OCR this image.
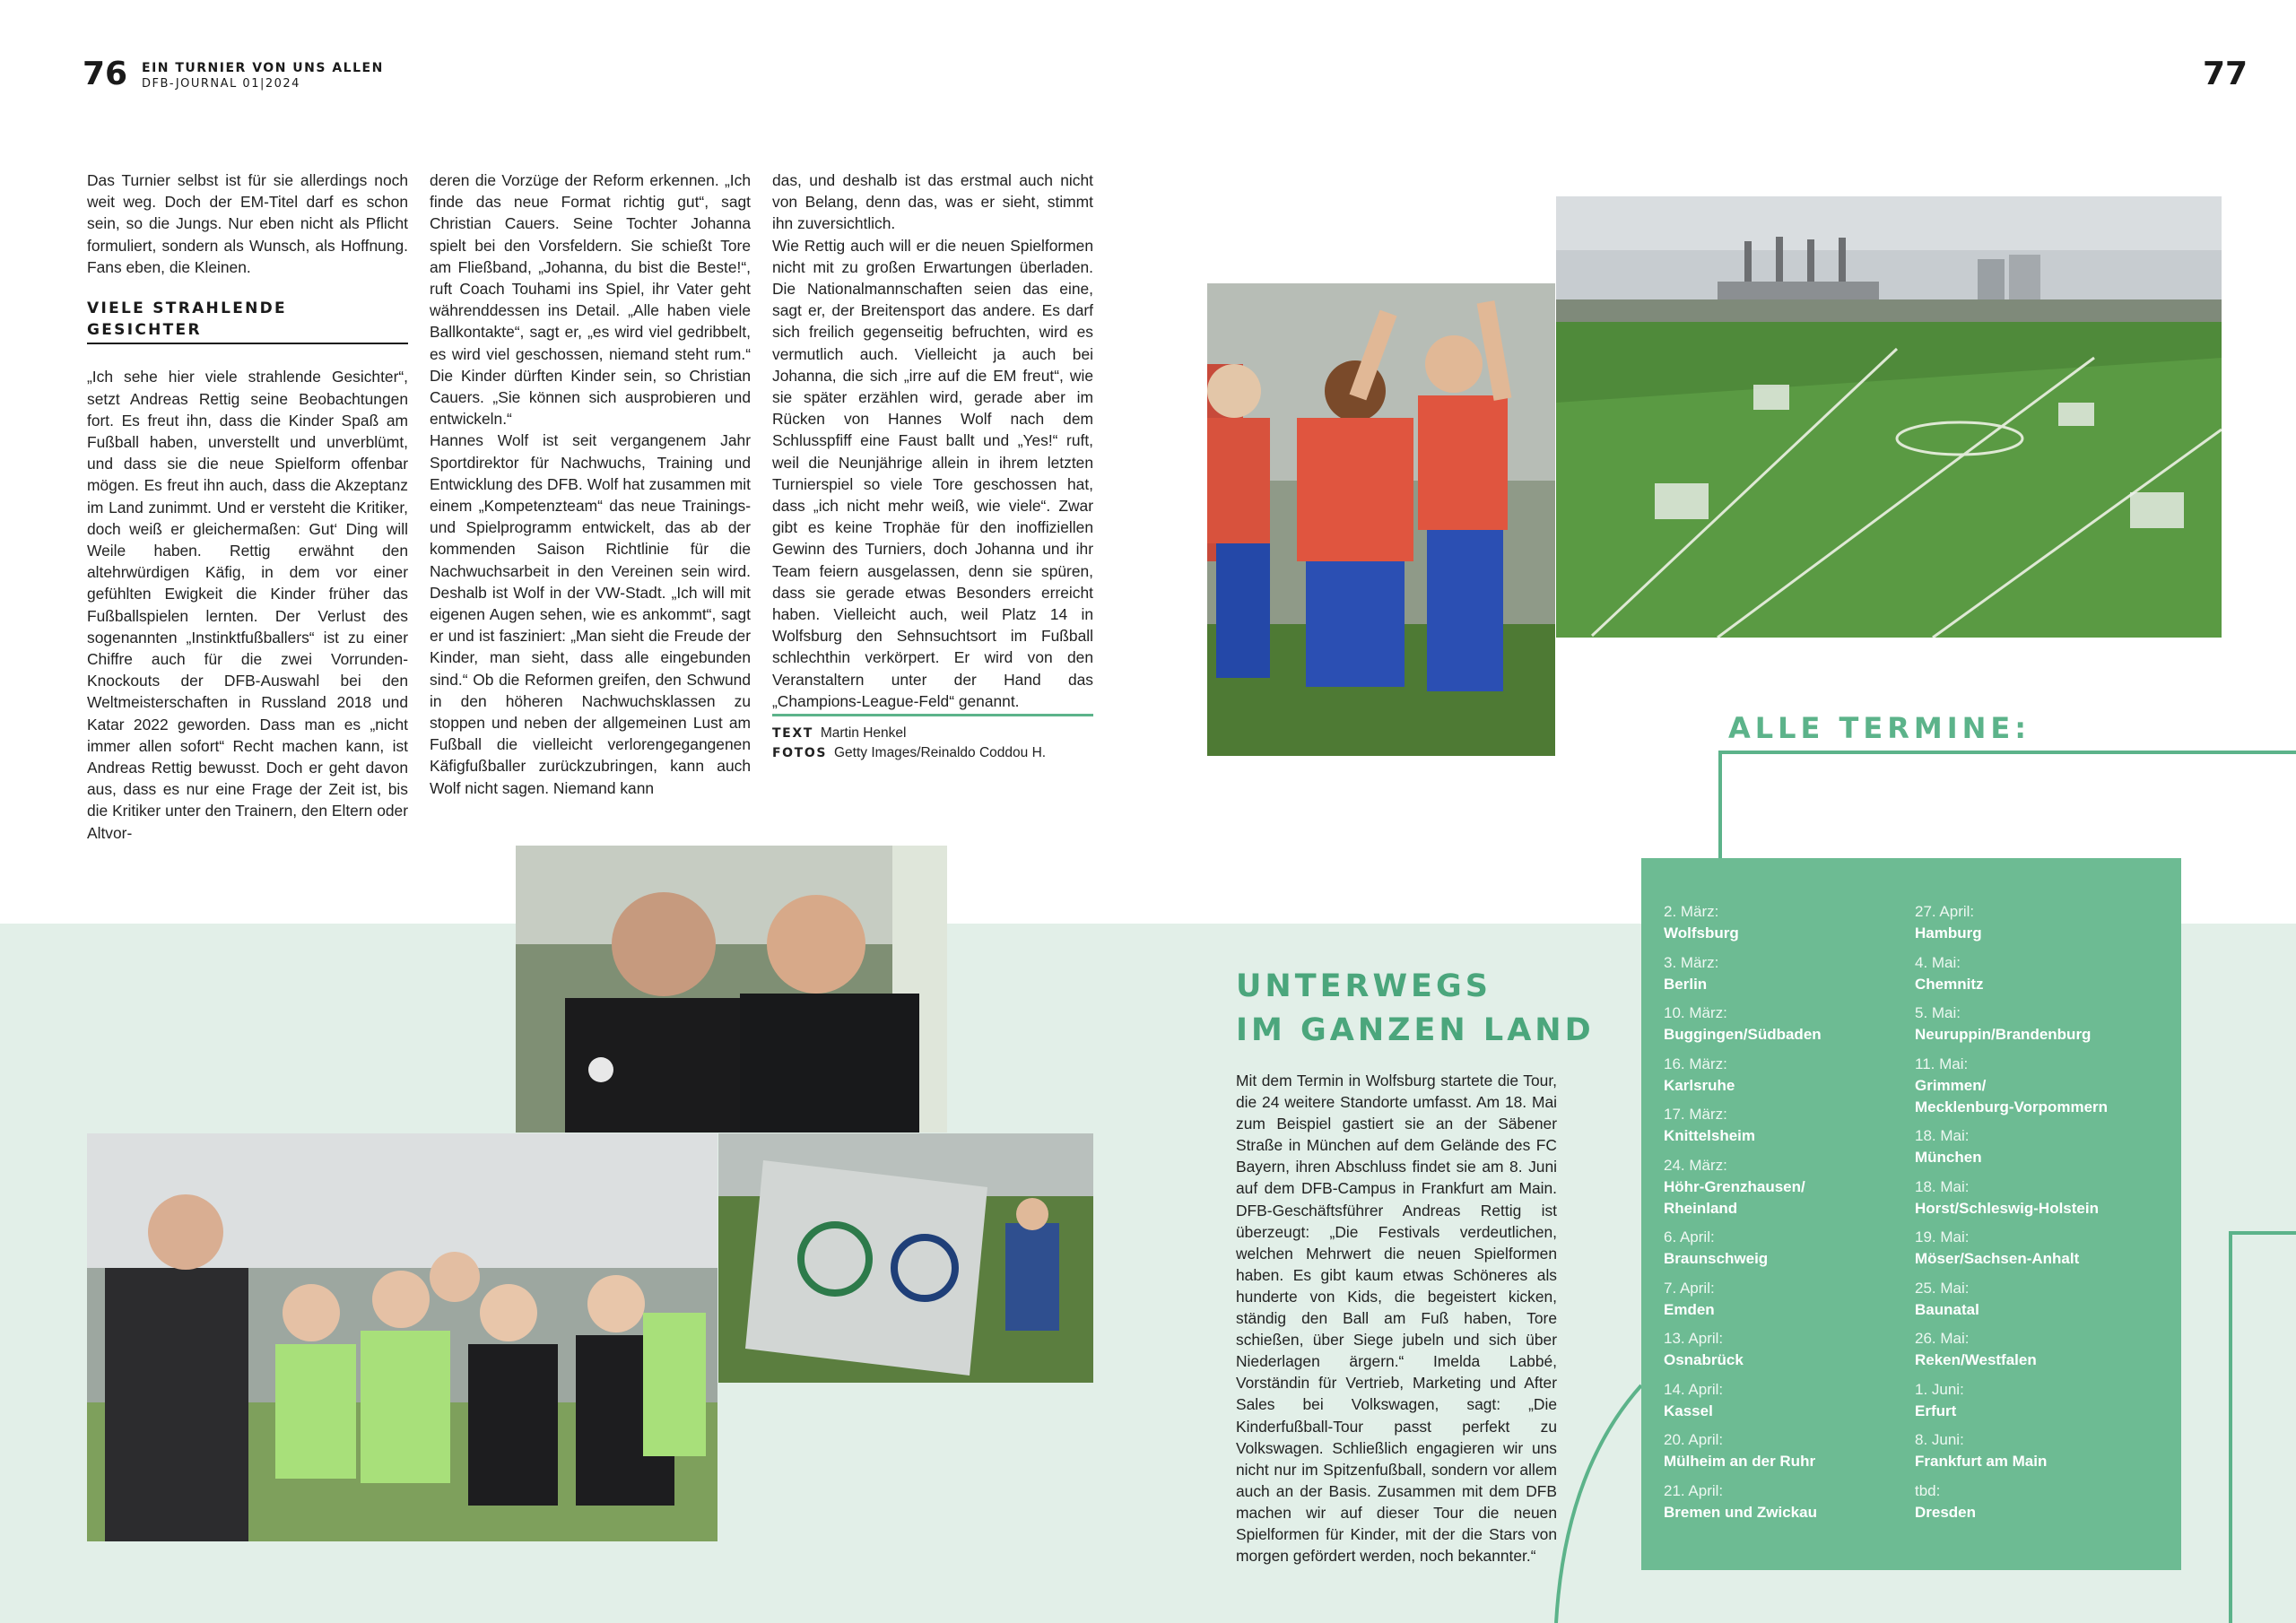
76	77
EIN TURNIER VON UNS ALLEN
DFB-JOURNAL 01|2024

Das Turnier selbst ist für sie allerdings noch weit weg. Doch der EM-Titel darf es schon sein, so die Jungs. Nur eben nicht als Pflicht formuliert, sondern als Wunsch, als Hoffnung. Fans eben, die Kleinen.

VIELE STRAHLENDE GESICHTER

„Ich sehe hier viele strahlende Gesichter“, setzt Andreas Rettig seine Beobachtungen fort. Es freut ihn, dass die Kinder Spaß am Fußball haben, unverstellt und unverblümt, und dass sie die neue Spielform offenbar mögen. Es freut ihn auch, dass die Akzeptanz im Land zunimmt. Und er versteht die Kritiker, doch weiß er gleichermaßen: Gut‘ Ding will Weile haben. Rettig erwähnt den altehrwürdigen Käfig, in dem vor einer gefühlten Ewigkeit die Kinder früher das Fußballspielen lernten. Der Verlust des sogenannten „Instinktfußballers“ ist zu einer Chiffre auch für die zwei Vorrunden-Knockouts der DFB-Auswahl bei den Weltmeisterschaften in Russland 2018 und Katar 2022 geworden. Dass man es „nicht immer allen sofort“ Recht machen kann, ist Andreas Rettig bewusst. Doch er geht davon aus, dass es nur eine Frage der Zeit ist, bis die Kritiker unter den Trainern, den Eltern oder Altvor-

deren die Vorzüge der Reform erkennen. „Ich finde das neue Format richtig gut“, sagt Christian Cauers. Seine Tochter Johanna spielt bei den Vorsfeldern. Sie schießt Tore am Fließband, „Johanna, du bist die Beste!“, ruft Coach Touhami ins Spiel, ihr Vater geht währenddessen ins Detail. „Alle haben viele Ballkontakte“, sagt er, „es wird viel gedribbelt, es wird viel geschossen, niemand steht rum.“ Die Kinder dürften Kinder sein, so Christian Cauers. „Sie können sich ausprobieren und entwickeln.“

Hannes Wolf ist seit vergangenem Jahr Sportdirektor für Nachwuchs, Training und Entwicklung des DFB. Wolf hat zusammen mit einem „Kompetenzteam“ das neue Trainings- und Spielprogramm entwickelt, das ab der kommenden Saison Richtlinie für die Nachwuchsarbeit in den Vereinen sein wird. Deshalb ist Wolf in der VW-Stadt. „Ich will mit eigenen Augen sehen, wie es ankommt“, sagt er und ist fasziniert: „Man sieht die Freude der Kinder, man sieht, dass alle eingebunden sind.“ Ob die Reformen greifen, den Schwund in den höheren Nachwuchsklassen zu stoppen und neben der allgemeinen Lust am Fußball die vielleicht verlorengegangenen Käfigfußballer zurückzubringen, kann auch Wolf nicht sagen. Niemand kann

das, und deshalb ist das erstmal auch nicht von Belang, denn das, was er sieht, stimmt ihn zuversichtlich.

Wie Rettig auch will er die neuen Spielformen nicht mit zu großen Erwartungen überladen. Die Nationalmannschaften seien das eine, sagt er, der Breitensport das andere. Es darf sich freilich gegenseitig befruchten, wird es vermutlich auch. Vielleicht ja auch bei Johanna, die sich „irre auf die EM freut“, wie sie später erzählen wird, gerade aber im Rücken von Hannes Wolf nach dem Schlusspfiff eine Faust ballt und „Yes!“ ruft, weil die Neunjährige allein in ihrem letzten Turnierspiel so viele Tore geschossen hat, dass „ich nicht mehr weiß, wie viele“. Zwar gibt es keine Trophäe für den inoffiziellen Gewinn des Turniers, doch Johanna und ihr Team feiern ausgelassen, denn sie spüren, dass sie gerade etwas Besonders erreicht haben. Vielleicht auch, weil Platz 14 in Wolfsburg den Sehnsuchtsort im Fußball schlechthin verkörpert. Er wird von den Veranstaltern unter der Hand das „Champions-League-Feld“ genannt.

TEXT Martin Henkel
FOTOS Getty Images/Reinaldo Coddou H.
ALLE TERMINE:
UNTERWEGS
IM GANZEN LAND
Mit dem Termin in Wolfsburg startete die Tour, die 24 weitere Standorte umfasst. Am 18. Mai zum Beispiel gastiert sie an der Säbener Straße in München auf dem Gelände des FC Bayern, ihren Abschluss findet sie am 8. Juni auf dem DFB-Campus in Frankfurt am Main. DFB-Geschäftsführer Andreas Rettig ist überzeugt: „Die Festivals verdeutlichen, welchen Mehrwert die neuen Spielformen haben. Es gibt kaum etwas Schöneres als hunderte von Kids, die begeistert kicken, ständig den Ball am Fuß haben, Tore schießen, über Siege jubeln und sich über Niederlagen ärgern.“ Imelda Labbé, Vorständin für Vertrieb, Marketing und After Sales bei Volkswagen, sagt: „Die Kinderfußball-Tour passt perfekt zu Volkswagen. Schließlich engagieren wir uns nicht nur im Spitzenfußball, sondern vor allem auch an der Basis. Zusammen mit dem DFB machen wir auf dieser Tour die neuen Spielformen für Kinder, mit der die Stars von morgen gefördert werden, noch bekannter.“
2. März:
Wolfsburg
3. März:
Berlin
10. März:
Buggingen/Südbaden
16. März:
Karlsruhe
17. März:
Knittelsheim
24. März:
Höhr-Grenzhausen/
Rheinland
6. April:
Braunschweig
7. April:
Emden
13. April:
Osnabrück
14. April:
Kassel
20. April:
Mülheim an der Ruhr
21. April:
Bremen und Zwickau
27. April:
Hamburg
4. Mai:
Chemnitz
5. Mai:
Neuruppin/Brandenburg
11. Mai:
Grimmen/
Mecklenburg-Vorpommern
18. Mai:
München
18. Mai:
Horst/Schleswig-Holstein
19. Mai:
Möser/Sachsen-Anhalt
25. Mai:
Baunatal
26. Mai:
Reken/Westfalen
1. Juni:
Erfurt
8. Juni:
Frankfurt am Main
tbd:
Dresden
